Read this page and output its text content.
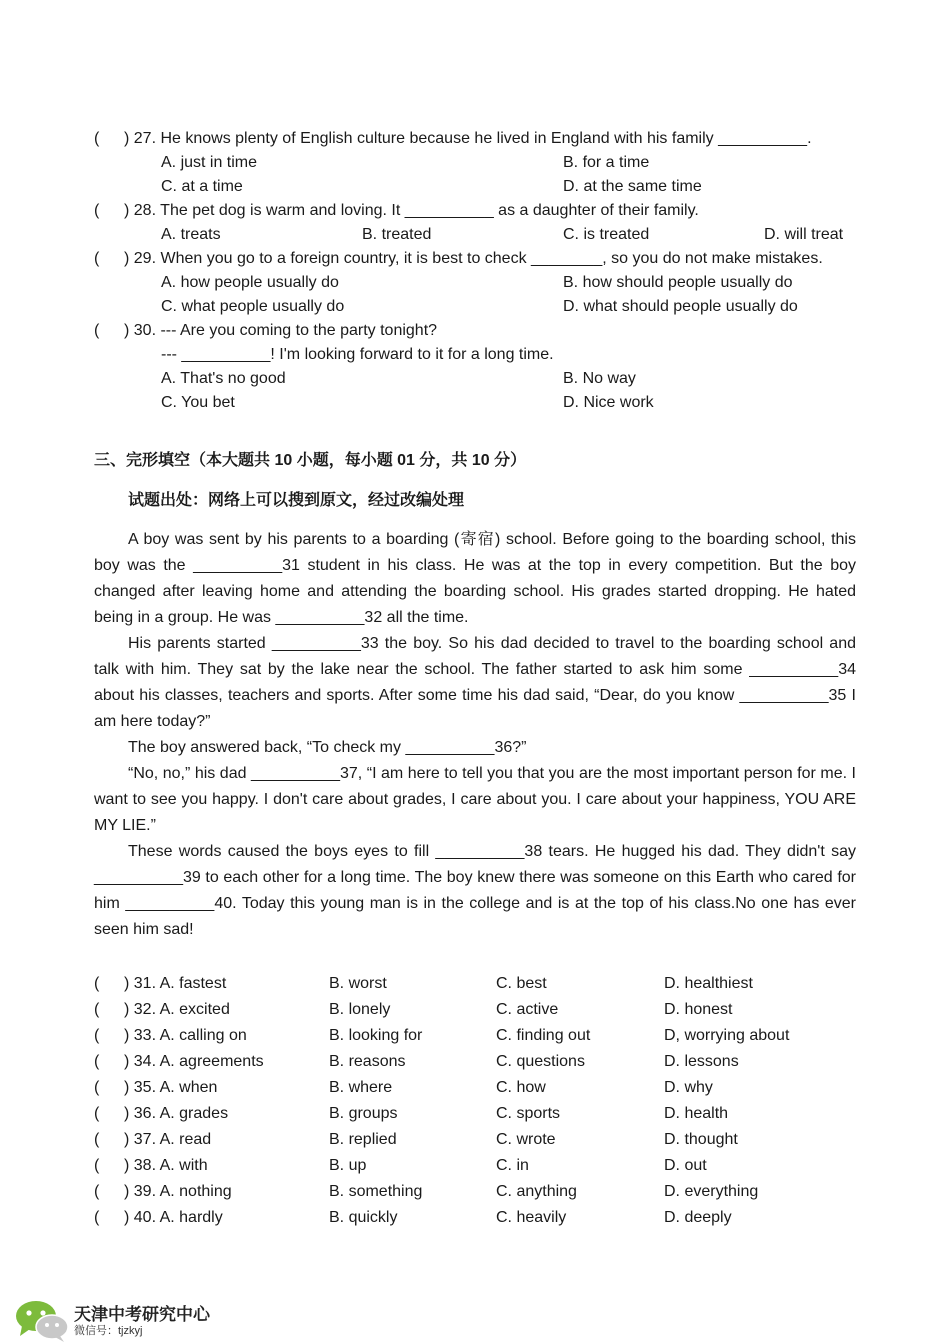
( ) 27. He knows plenty of English culture because he lived in England with his family __________.
A. just in time	B. for a time
C. at a time	D. at the same time
( ) 28. The pet dog is warm and loving. It __________ as a daughter of their family.
A. treats	B. treated	C. is treated	D. will treat
( ) 29. When you go to a foreign country, it is best to check ________, so you do not make mistakes.
A. how people usually do	B. how should people usually do
C. what people usually do	D. what should people usually do
( ) 30. --- Are you coming to the party tonight?
--- __________! I'm looking forward to it for a long time.
A. That's no good	B. No way
C. You bet	D. Nice work
三、完形填空（本大题共 10 小题，每小题 01 分，共 10 分）
试题出处：网络上可以搜到原文，经过改编处理

A boy was sent by his parents to a boarding (寄宿) school. Before going to the boarding school, this boy was the __________31 student in his class. He was at the top in every competition. But the boy changed after leaving home and attending the boarding school. His grades started dropping. He hated being in a group. He was __________32 all the time.

His parents started __________33 the boy. So his dad decided to travel to the boarding school and talk with him. They sat by the lake near the school. The father started to ask him some __________34 about his classes, teachers and sports. After some time his dad said, “Dear, do you know __________35 I am here today?”

The boy answered back, “To check my __________36?”

“No, no,” his dad __________37, “I am here to tell you that you are the most important person for me. I want to see you happy. I don't care about grades, I care about you. I care about your happiness, YOU ARE MY LIE.”

These words caused the boys eyes to fill __________38 tears. He hugged his dad. They didn't say __________39 to each other for a long time. The boy knew there was someone on this Earth who cared for him __________40. Today this young man is in the college and is at the top of his class.No one has ever seen him sad!

( ) 31. A. fastest	B. worst	C. best	D. healthiest
( ) 32. A. excited	B. lonely	C. active	D. honest
( ) 33. A. calling on	B. looking for	C. finding out	D, worrying about
( ) 34. A. agreements	B. reasons	C. questions	D. lessons
( ) 35. A. when	B. where	C. how	D. why
( ) 36. A. grades	B. groups	C. sports	D. health
( ) 37. A. read	B. replied	C. wrote	D. thought
( ) 38. A. with	B. up	C. in	D. out
( ) 39. A. nothing	B. something	C. anything	D. everything
( ) 40. A. hardly	B. quickly	C. heavily	D. deeply
天津中考研究中心
微信号：tjzkyj
